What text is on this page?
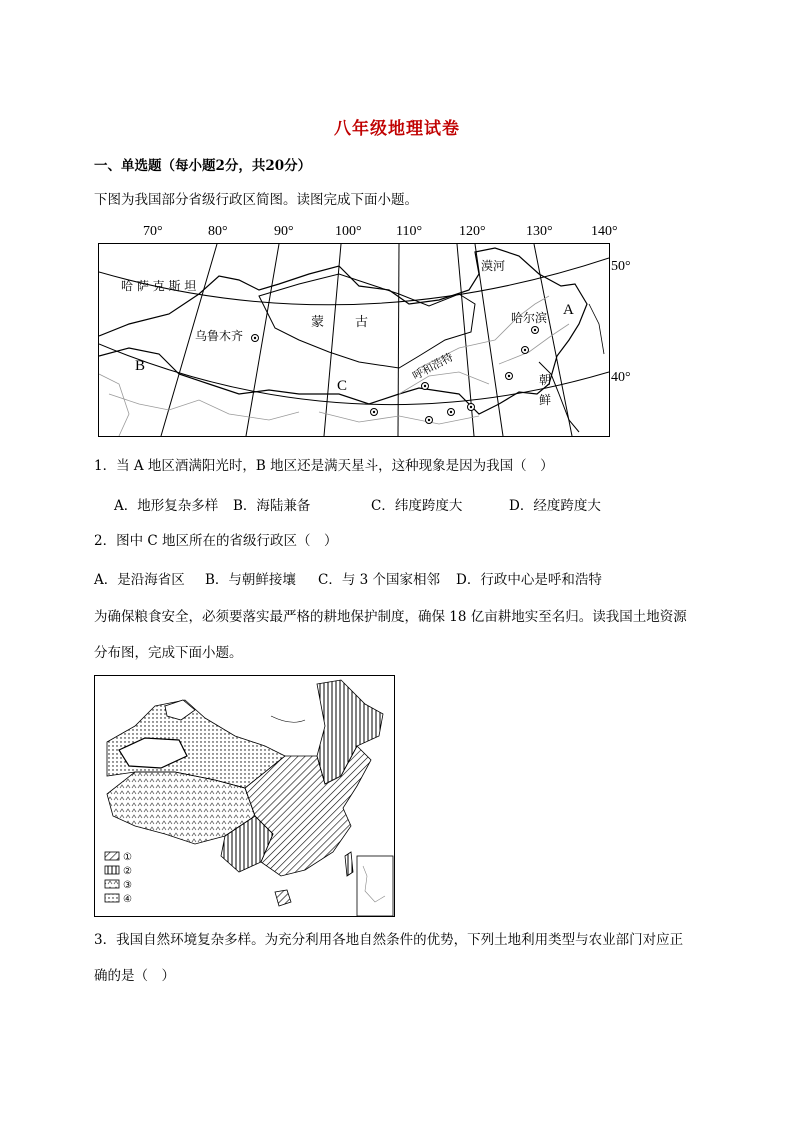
八年级地理试卷
一、单选题（每小题2分，共20分）
下图为我国部分省级行政区简图。读图完成下面小题。
70°	80°	90°	100° 110°	120°	130°	140°
50°
40°
哈 萨 克 斯 坦
乌鲁木齐
蒙 古
漠河
哈尔滨
呼和浩特	朝
鲜
A
B
C
1．当 A 地区酒满阳光时，B 地区还是满天星斗，这种现象是因为我国（　）
A．地形复杂多样 B．海陆兼备	C．纬度跨度大	D．经度跨度大
2．图中 C 地区所在的省级行政区（　）
A．是沿海省区 B．与朝鲜接壤 C．与 3 个国家相邻 D．行政中心是呼和浩特
为确保粮食安全，必须要落实最严格的耕地保护制度，确保 18 亿亩耕地实至名归。读我国土地资源
分布图，完成下面小题。
①
②
③
④
3．我国自然环境复杂多样。为充分利用各地自然条件的优势，下列土地利用类型与农业部门对应正
确的是（　）
